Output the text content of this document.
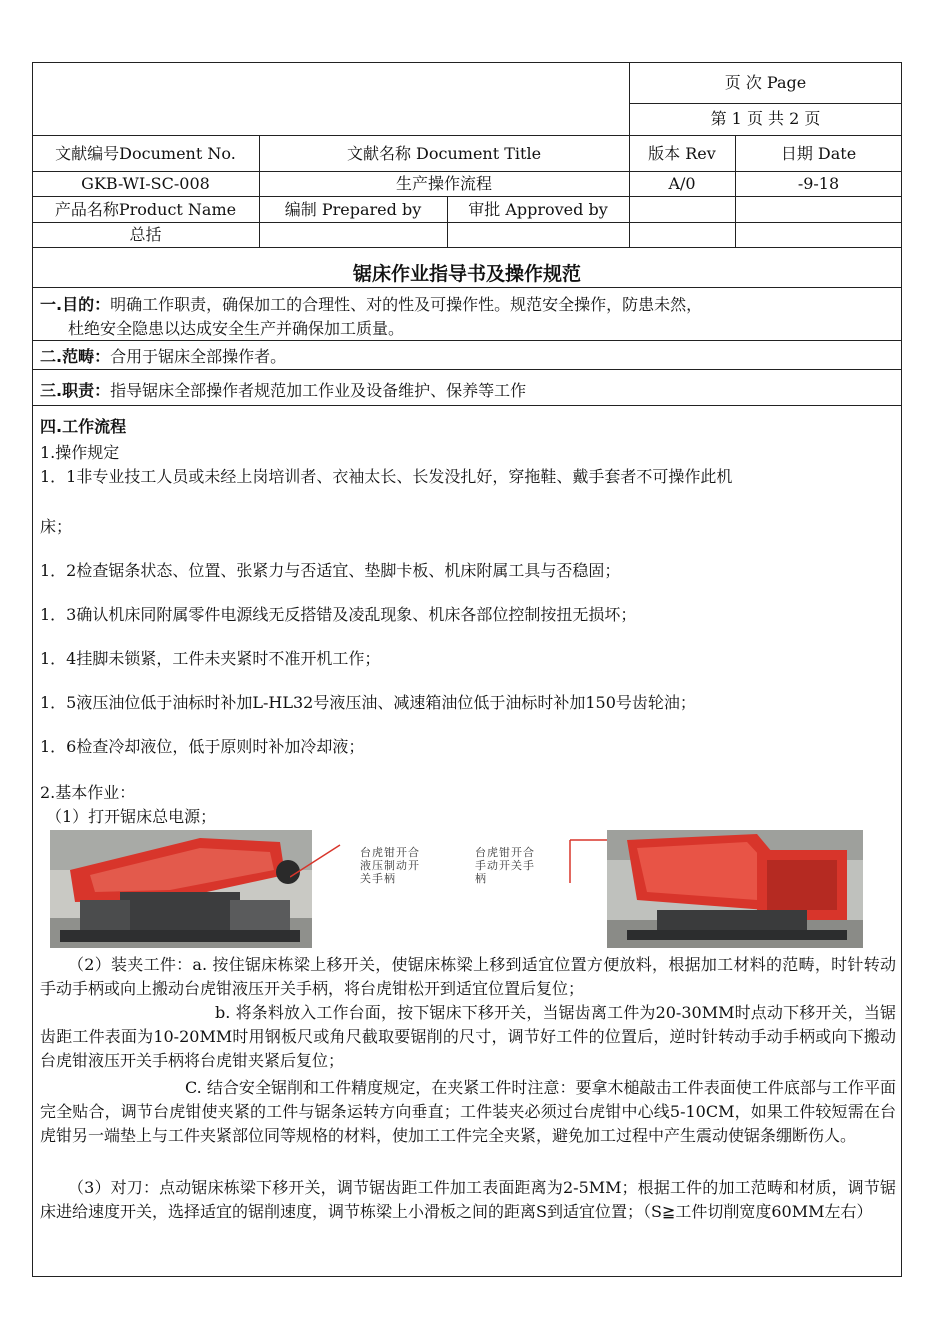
页 次 Page
第 1 页 共 2 页
文献编号Document No.	文献名称 Document Title	版本 Rev	日期 Date
GKB-WI-SC-008	生产操作流程	A/0	-9-18
产品名称Product Name	编制 Prepared by	审批 Approved by
总括
锯床作业指导书及操作规范
一.目的：明确工作职责，确保加工的合理性、对的性及可操作性。规范安全操作，防患未然，
杜绝安全隐患以达成安全生产并确保加工质量。
二.范畴：合用于锯床全部操作者。
三.职责：指导锯床全部操作者规范加工作业及设备维护、保养等工作
四.工作流程
1.操作规定
1．1非专业技工人员或未经上岗培训者、衣袖太长、长发没扎好，穿拖鞋、戴手套者不可操作此机
床；
1．2检查锯条状态、位置、张紧力与否适宜、垫脚卡板、机床附属工具与否稳固；
1．3确认机床同附属零件电源线无反搭错及凌乱现象、机床各部位控制按扭无损坏；
1．4挂脚未锁紧，工件未夹紧时不准开机工作；
1．5液压油位低于油标时补加L-HL32号液压油、减速箱油位低于油标时补加150号齿轮油；
1．6检查冷却液位，低于原则时补加冷却液；
2.基本作业：
（1）打开锯床总电源；
台虎钳开合
液压制动开
关手柄
台虎钳开合
手动开关手
柄
（2）装夹工件：a. 按住锯床栋梁上移开关，使锯床栋梁上移到适宜位置方便放料，根据加工材料的范畴，时针转动手动手柄或向上搬动台虎钳液压开关手柄，将台虎钳松开到适宜位置后复位；
b. 将条料放入工作台面，按下锯床下移开关，当锯齿离工件为20-30MM时点动下移开关，当锯齿距工件表面为10-20MM时用钢板尺或角尺截取要锯削的尺寸，调节好工件的位置后，逆时针转动手动手柄或向下搬动台虎钳液压开关手柄将台虎钳夹紧后复位；
C. 结合安全锯削和工件精度规定，在夹紧工件时注意：要拿木槌敲击工件表面使工件底部与工作平面完全贴合，调节台虎钳使夹紧的工件与锯条运转方向垂直；工件装夹必须过台虎钳中心线5-10CM，如果工件较短需在台虎钳另一端垫上与工件夹紧部位同等规格的材料，使加工工件完全夹紧，避免加工过程中产生震动使锯条绷断伤人。
（3）对刀：点动锯床栋梁下移开关，调节锯齿距工件加工表面距离为2-5MM；根据工件的加工范畴和材质，调节锯床进给速度开关，选择适宜的锯削速度，调节栋梁上小滑板之间的距离S到适宜位置；（S≧工件切削宽度60MM左右）
